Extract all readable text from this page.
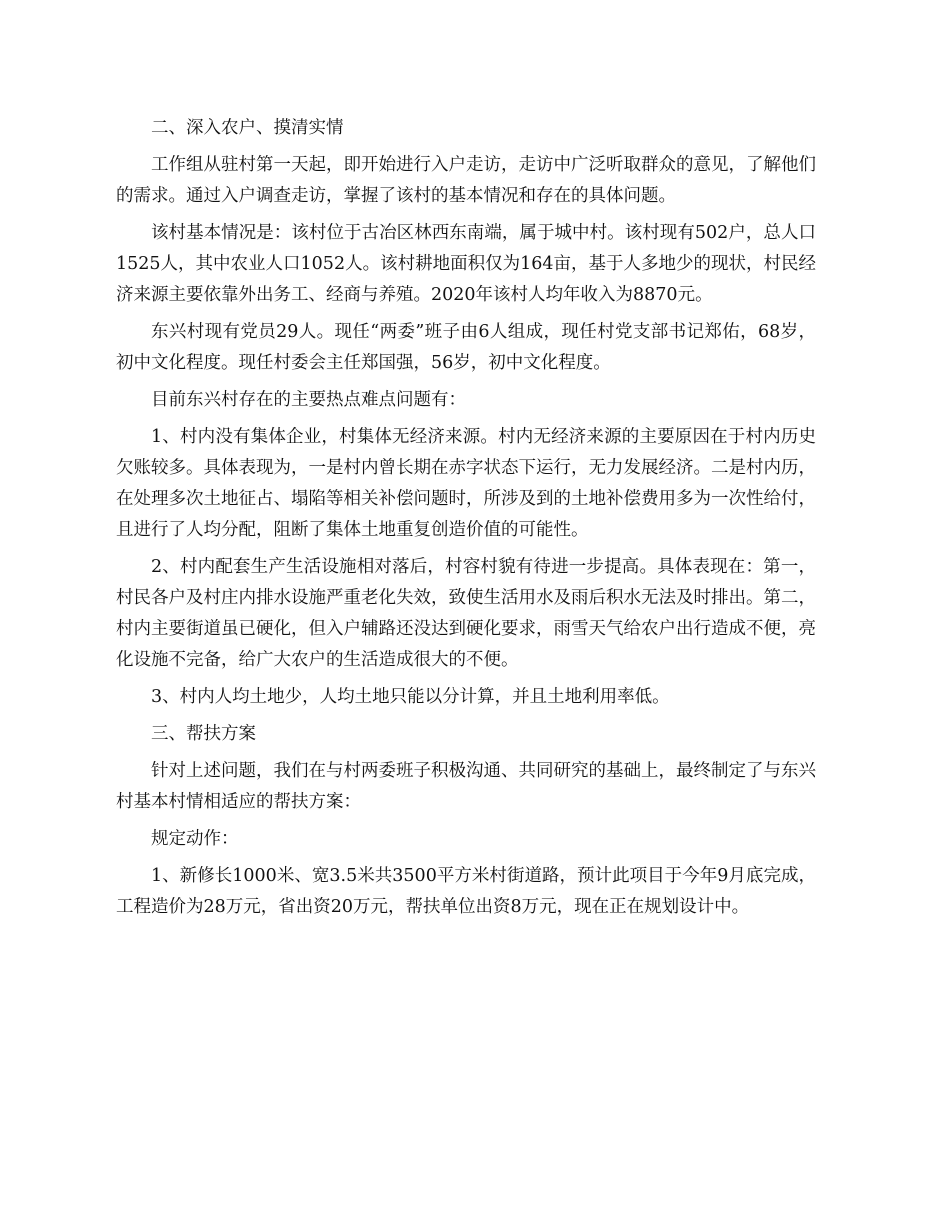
二、深入农户、摸清实情

工作组从驻村第一天起，即开始进行入户走访，走访中广泛听取群众的意见，了解他们的需求。通过入户调查走访，掌握了该村的基本情况和存在的具体问题。

该村基本情况是：该村位于古冶区林西东南端，属于城中村。该村现有502户，总人口1525人，其中农业人口1052人。该村耕地面积仅为164亩，基于人多地少的现状，村民经济来源主要依靠外出务工、经商与养殖。2020年该村人均年收入为8870元。

东兴村现有党员29人。现任“两委”班子由6人组成，现任村党支部书记郑佑，68岁，初中文化程度。现任村委会主任郑国强，56岁，初中文化程度。

目前东兴村存在的主要热点难点问题有：

1、村内没有集体企业，村集体无经济来源。村内无经济来源的主要原因在于村内历史欠账较多。具体表现为，一是村内曾长期在赤字状态下运行，无力发展经济。二是村内历，在处理多次土地征占、塌陷等相关补偿问题时，所涉及到的土地补偿费用多为一次性给付，且进行了人均分配，阻断了集体土地重复创造价值的可能性。

2、村内配套生产生活设施相对落后，村容村貌有待进一步提高。具体表现在：第一，村民各户及村庄内排水设施严重老化失效，致使生活用水及雨后积水无法及时排出。第二，村内主要街道虽已硬化，但入户辅路还没达到硬化要求，雨雪天气给农户出行造成不便，亮化设施不完备，给广大农户的生活造成很大的不便。

3、村内人均土地少，人均土地只能以分计算，并且土地利用率低。

三、帮扶方案

针对上述问题，我们在与村两委班子积极沟通、共同研究的基础上，最终制定了与东兴村基本村情相适应的帮扶方案：

规定动作：

1、新修长1000米、宽3.5米共3500平方米村街道路，预计此项目于今年9月底完成，工程造价为28万元，省出资20万元，帮扶单位出资8万元，现在正在规划设计中。
